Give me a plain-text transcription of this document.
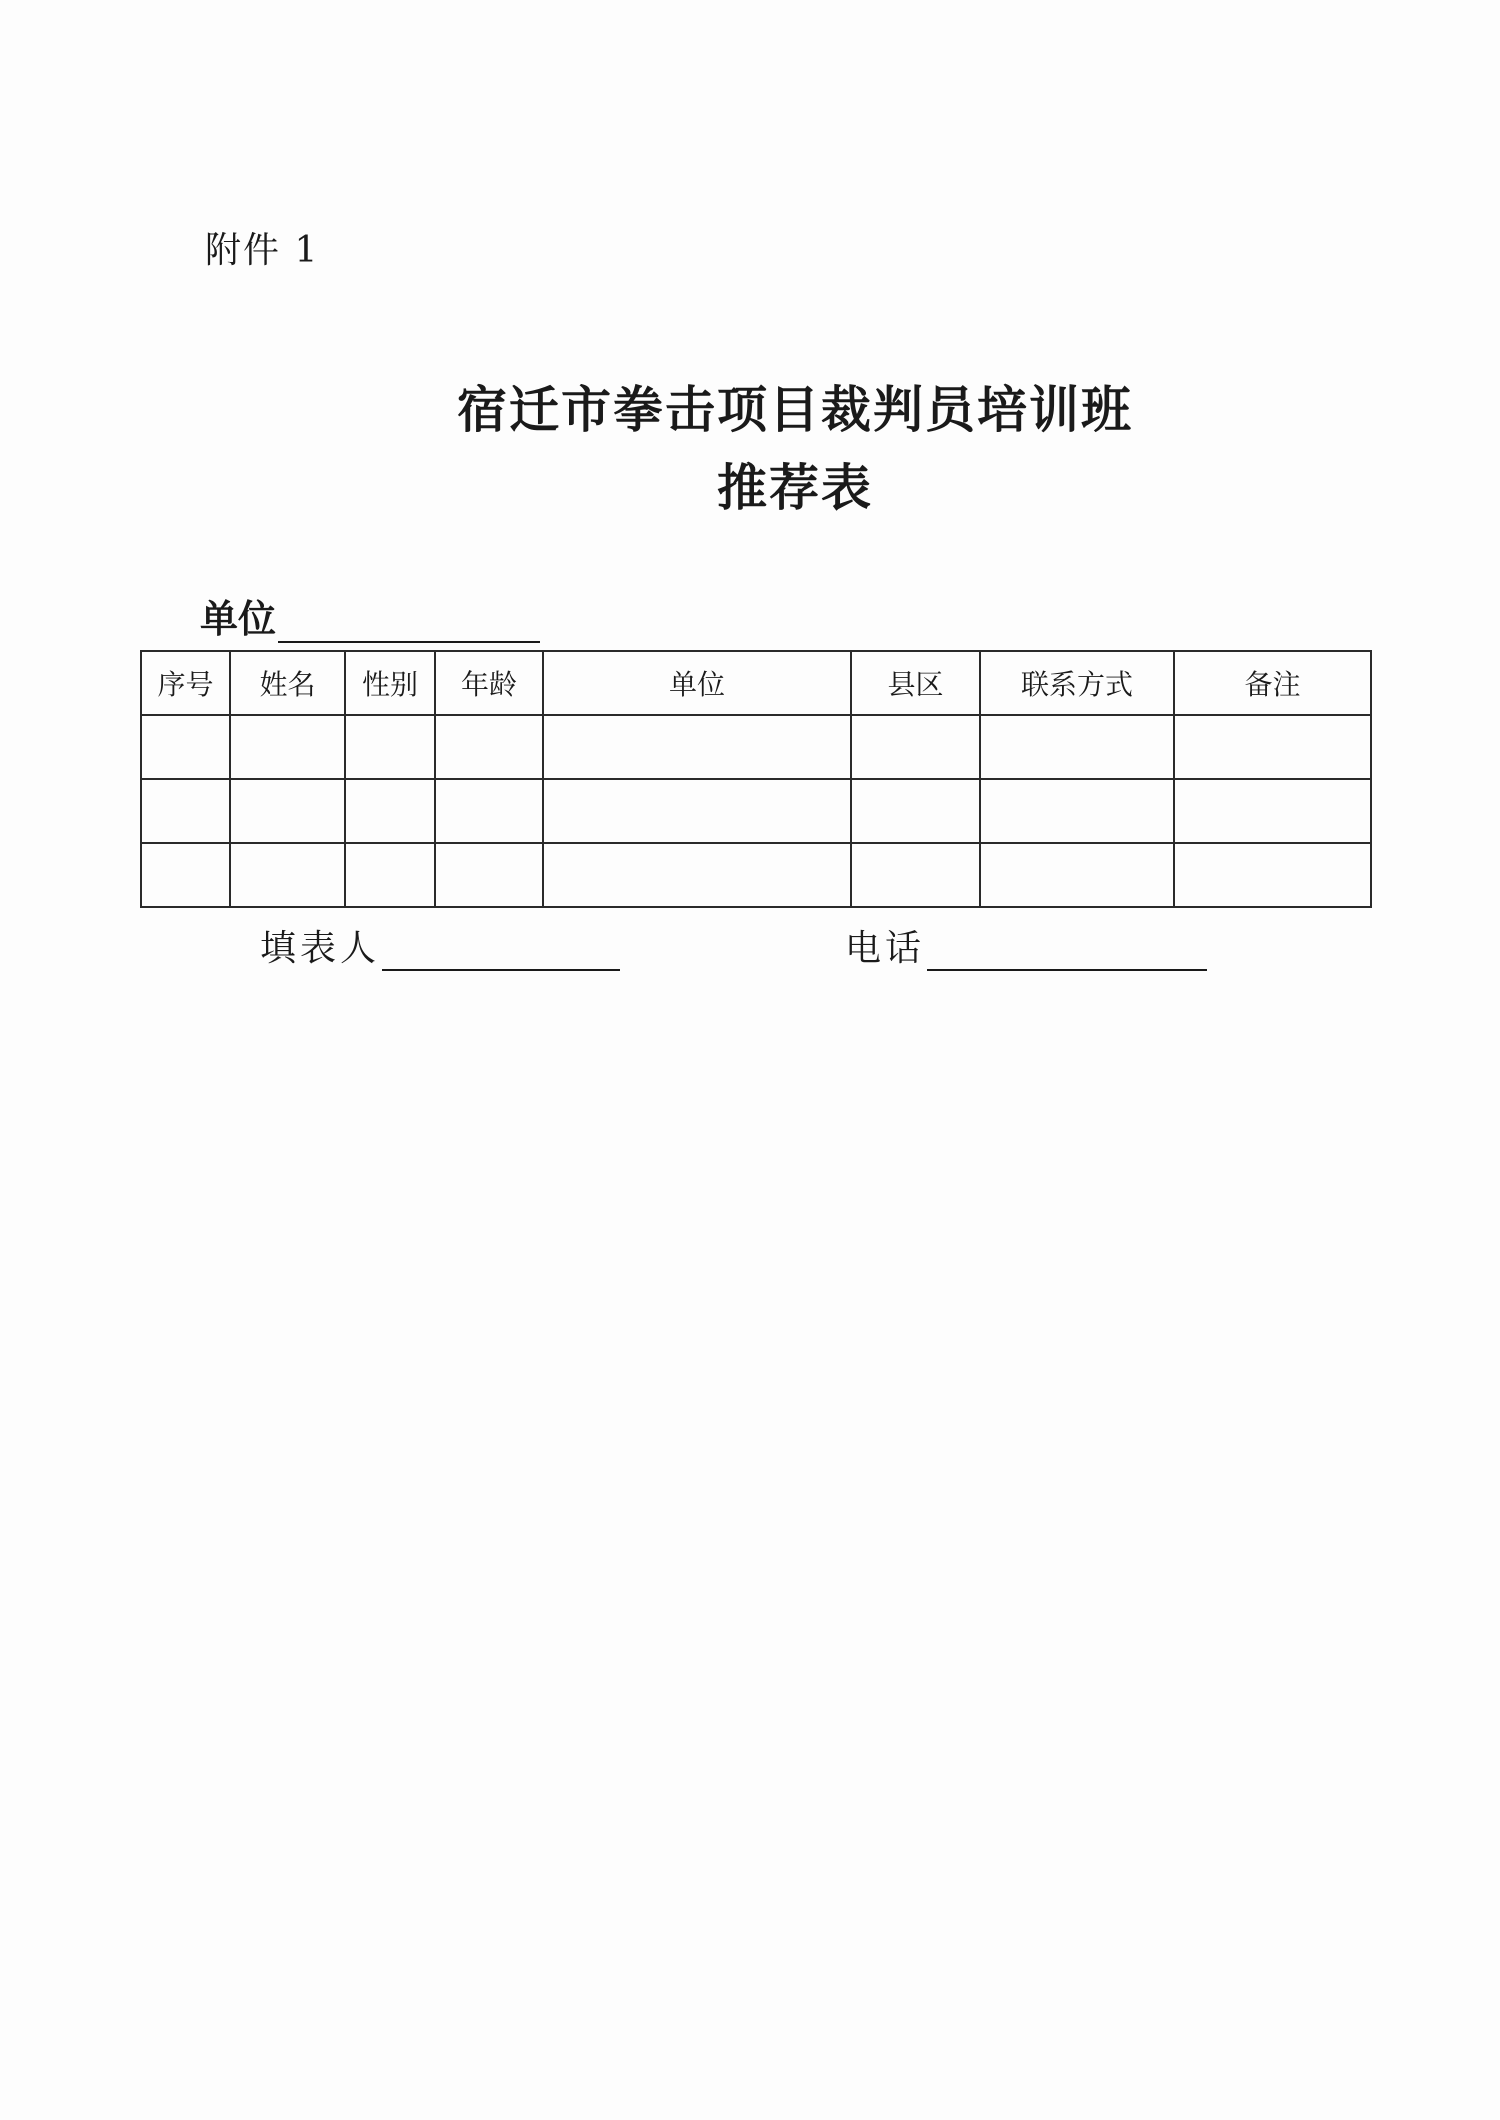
附件 1
宿迁市拳击项目裁判员培训班
推荐表
单位
序号	姓名	性别	年龄	单位	县区	联系方式	备注

填表人	电话
